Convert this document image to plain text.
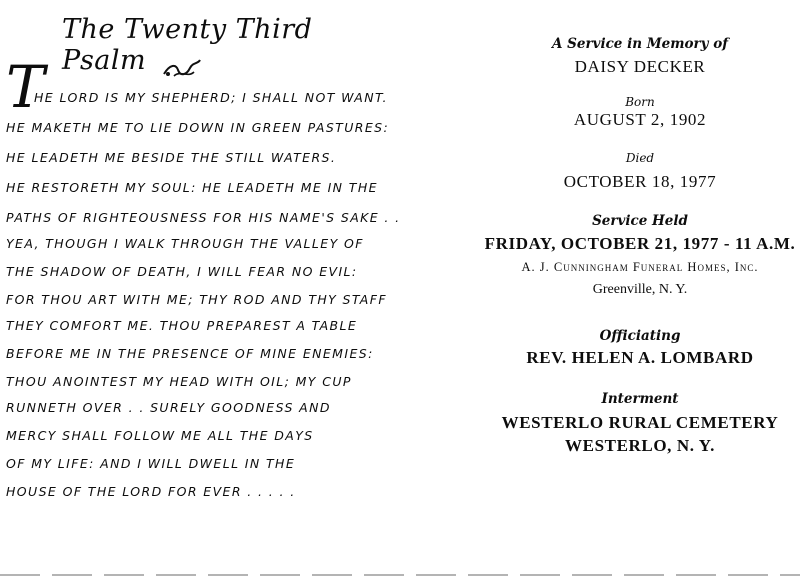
The Twenty Third Psalm
T
HE LORD IS MY SHEPHERD; I SHALL NOT WANT.
HE MAKETH ME TO LIE DOWN IN GREEN PASTURES:
HE LEADETH ME BESIDE THE STILL WATERS.
HE RESTORETH MY SOUL: HE LEADETH ME IN THE
PATHS OF RIGHTEOUSNESS FOR HIS NAME'S SAKE . .
YEA, THOUGH I WALK THROUGH THE VALLEY OF
THE SHADOW OF DEATH, I WILL FEAR NO EVIL:
FOR THOU ART WITH ME; THY ROD AND THY STAFF
THEY COMFORT ME. THOU PREPAREST A TABLE
BEFORE ME IN THE PRESENCE OF MINE ENEMIES:
THOU ANOINTEST MY HEAD WITH OIL; MY CUP
RUNNETH OVER . . SURELY GOODNESS AND
MERCY SHALL FOLLOW ME ALL THE DAYS
OF MY LIFE: AND I WILL DWELL IN THE
HOUSE OF THE LORD FOR EVER . . . . .
A Service in Memory of
DAISY DECKER
Born
AUGUST 2, 1902
Died
OCTOBER 18, 1977
Service Held
FRIDAY, OCTOBER 21, 1977 - 11 A.M.
A. J. Cunningham Funeral Homes, Inc.
Greenville, N. Y.
Officiating
REV. HELEN A. LOMBARD
Interment
WESTERLO RURAL CEMETERY
WESTERLO, N. Y.
